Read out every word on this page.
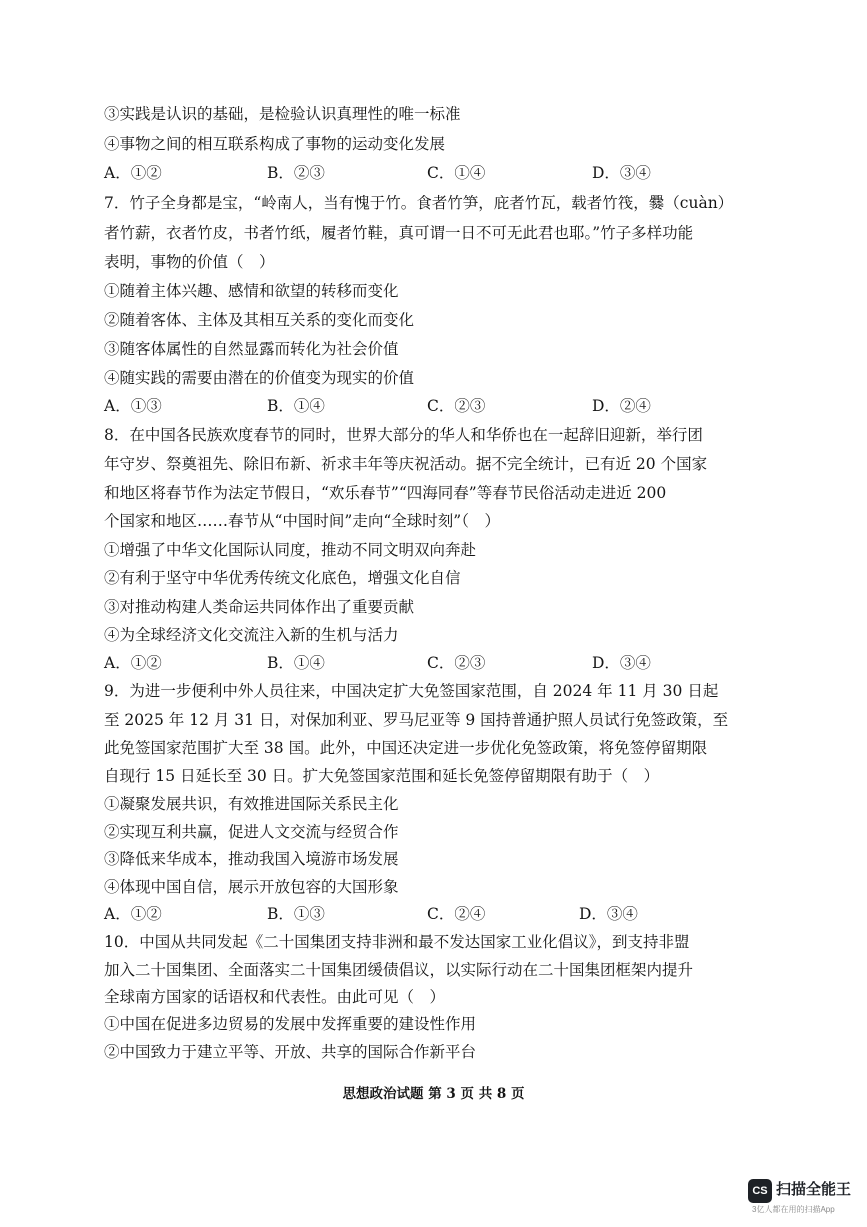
③实践是认识的基础，是检验认识真理性的唯一标准
④事物之间的相互联系构成了事物的运动变化发展
A．①②	B．②③	C．①④	D．③④
7．竹子全身都是宝，“岭南人，当有愧于竹。食者竹笋，庇者竹瓦，载者竹筏，爨（cuàn）
者竹薪，衣者竹皮，书者竹纸，履者竹鞋，真可谓一日不可无此君也耶。”竹子多样功能
表明，事物的价值（　）
①随着主体兴趣、感情和欲望的转移而变化
②随着客体、主体及其相互关系的变化而变化
③随客体属性的自然显露而转化为社会价值
④随实践的需要由潜在的价值变为现实的价值
A．①③	B．①④	C．②③	D．②④
8．在中国各民族欢度春节的同时，世界大部分的华人和华侨也在一起辞旧迎新，举行团
年守岁、祭奠祖先、除旧布新、祈求丰年等庆祝活动。据不完全统计，已有近 20 个国家
和地区将春节作为法定节假日，“欢乐春节”“四海同春”等春节民俗活动走进近 200
个国家和地区……春节从“中国时间”走向“全球时刻”（　）
①增强了中华文化国际认同度，推动不同文明双向奔赴
②有利于坚守中华优秀传统文化底色，增强文化自信
③对推动构建人类命运共同体作出了重要贡献
④为全球经济文化交流注入新的生机与活力
A．①②	B．①④	C．②③	D．③④
9．为进一步便利中外人员往来，中国决定扩大免签国家范围，自 2024 年 11 月 30 日起
至 2025 年 12 月 31 日，对保加利亚、罗马尼亚等 9 国持普通护照人员试行免签政策，至
此免签国家范围扩大至 38 国。此外，中国还决定进一步优化免签政策，将免签停留期限
自现行 15 日延长至 30 日。扩大免签国家范围和延长免签停留期限有助于（　）
①凝聚发展共识，有效推进国际关系民主化
②实现互利共赢，促进人文交流与经贸合作
③降低来华成本，推动我国入境游市场发展
④体现中国自信，展示开放包容的大国形象
A．①②	B．①③	C．②④	D．③④
10．中国从共同发起《二十国集团支持非洲和最不发达国家工业化倡议》，到支持非盟
加入二十国集团、全面落实二十国集团缓债倡议，以实际行动在二十国集团框架内提升
全球南方国家的话语权和代表性。由此可见（　）
①中国在促进多边贸易的发展中发挥重要的建设性作用
②中国致力于建立平等、开放、共享的国际合作新平台
思想政治试题 第 3 页 共 8 页
CS 扫描全能王
3亿人都在用的扫描App
